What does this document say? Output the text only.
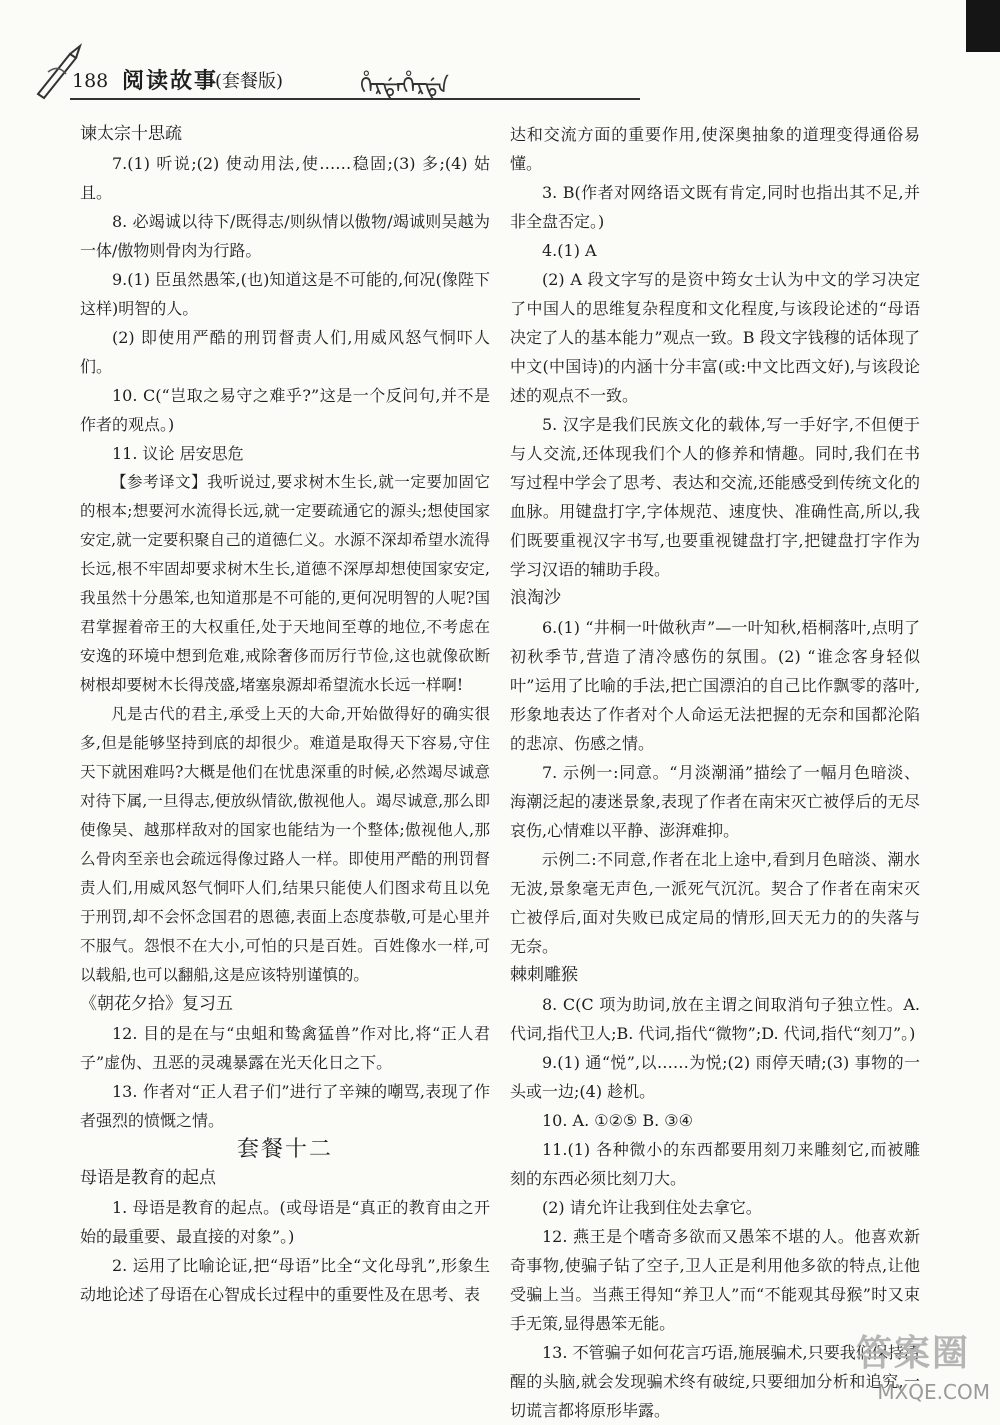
188 阅读故事
(套餐版)	ᡥᡝᡵᡩᡝᡥᡝᡵᡩᡝ

谏太宗十思疏

7.(1) 听说;(2) 使动用法,使……稳固;(3) 多;(4) 姑且。

8. 必竭诚以待下/既得志/则纵情以傲物/竭诚则吴越为一体/傲物则骨肉为行路。

9.(1) 臣虽然愚笨,(也)知道这是不可能的,何况(像陛下这样)明智的人。

(2) 即使用严酷的刑罚督责人们,用威风怒气恫吓人们。

10. C(“岂取之易守之难乎?”这是一个反问句,并不是作者的观点。)

11. 议论 居安思危

【参考译文】我听说过,要求树木生长,就一定要加固它的根本;想要河水流得长远,就一定要疏通它的源头;想使国家安定,就一定要积聚自己的道德仁义。水源不深却希望水流得长远,根不牢固却要求树木生长,道德不深厚却想使国家安定,我虽然十分愚笨,也知道那是不可能的,更何况明智的人呢?国君掌握着帝王的大权重任,处于天地间至尊的地位,不考虑在安逸的环境中想到危难,戒除奢侈而厉行节俭,这也就像砍断树根却要树木长得茂盛,堵塞泉源却希望流水长远一样啊!

凡是古代的君主,承受上天的大命,开始做得好的确实很多,但是能够坚持到底的却很少。难道是取得天下容易,守住天下就困难吗?大概是他们在忧患深重的时候,必然竭尽诚意对待下属,一旦得志,便放纵情欲,傲视他人。竭尽诚意,那么即使像吴、越那样敌对的国家也能结为一个整体;傲视他人,那么骨肉至亲也会疏远得像过路人一样。即使用严酷的刑罚督责人们,用威风怒气恫吓人们,结果只能使人们图求苟且以免于刑罚,却不会怀念国君的恩德,表面上态度恭敬,可是心里并不服气。怨恨不在大小,可怕的只是百姓。百姓像水一样,可以载船,也可以翻船,这是应该特别谨慎的。

《朝花夕拾》复习五

12. 目的是在与“虫蛆和鸷禽猛兽”作对比,将“正人君子”虚伪、丑恶的灵魂暴露在光天化日之下。

13. 作者对“正人君子们”进行了辛辣的嘲骂,表现了作者强烈的愤慨之情。

套餐十二

母语是教育的起点

1. 母语是教育的起点。(或母语是“真正的教育由之开始的最重要、最直接的对象”。)

2. 运用了比喻论证,把“母语”比全“文化母乳”,形象生动地论述了母语在心智成长过程中的重要性及在思考、表

达和交流方面的重要作用,使深奥抽象的道理变得通俗易懂。

3. B(作者对网络语文既有肯定,同时也指出其不足,并非全盘否定。)

4.(1) A

(2) A 段文字写的是资中筠女士认为中文的学习决定了中国人的思维复杂程度和文化程度,与该段论述的“母语决定了人的基本能力”观点一致。B 段文字钱穆的话体现了中文(中国诗)的内涵十分丰富(或:中文比西文好),与该段论述的观点不一致。

5. 汉字是我们民族文化的载体,写一手好字,不但便于与人交流,还体现我们个人的修养和情趣。同时,我们在书写过程中学会了思考、表达和交流,还能感受到传统文化的血脉。用键盘打字,字体规范、速度快、准确性高,所以,我们既要重视汉字书写,也要重视键盘打字,把键盘打字作为学习汉语的辅助手段。

浪淘沙

6.(1) “井桐一叶做秋声”—一叶知秋,梧桐落叶,点明了初秋季节,营造了清冷感伤的氛围。(2) “谁念客身轻似叶”运用了比喻的手法,把亡国漂泊的自己比作飘零的落叶,形象地表达了作者对个人命运无法把握的无奈和国都沦陷的悲凉、伤感之情。

7. 示例一:同意。“月淡潮涌”描绘了一幅月色暗淡、海潮泛起的凄迷景象,表现了作者在南宋灭亡被俘后的无尽哀伤,心情难以平静、澎湃难抑。

示例二:不同意,作者在北上途中,看到月色暗淡、潮水无波,景象毫无声色,一派死气沉沉。契合了作者在南宋灭亡被俘后,面对失败已成定局的情形,回天无力的的失落与无奈。

棘刺雕猴

8. C(C 项为助词,放在主谓之间取消句子独立性。A. 代词,指代卫人;B. 代词,指代“微物”;D. 代词,指代“刻刀”。)

9.(1) 通“悦”,以……为悦;(2) 雨停天晴;(3) 事物的一头或一边;(4) 趁机。

10. A. ①②⑤ B. ③④

11.(1) 各种微小的东西都要用刻刀来雕刻它,而被雕刻的东西必须比刻刀大。

(2) 请允许让我到住处去拿它。

12. 燕王是个嗜奇多欲而又愚笨不堪的人。他喜欢新奇事物,使骗子钻了空子,卫人正是利用他多欲的特点,让他受骗上当。当燕王得知“养卫人”而“不能观其母猴”时又束手无策,显得愚笨无能。

13. 不管骗子如何花言巧语,施展骗术,只要我们保持清醒的头脑,就会发现骗术终有破绽,只要细加分析和追究,一切谎言都将原形毕露。

答案圈
MXQE.COM
